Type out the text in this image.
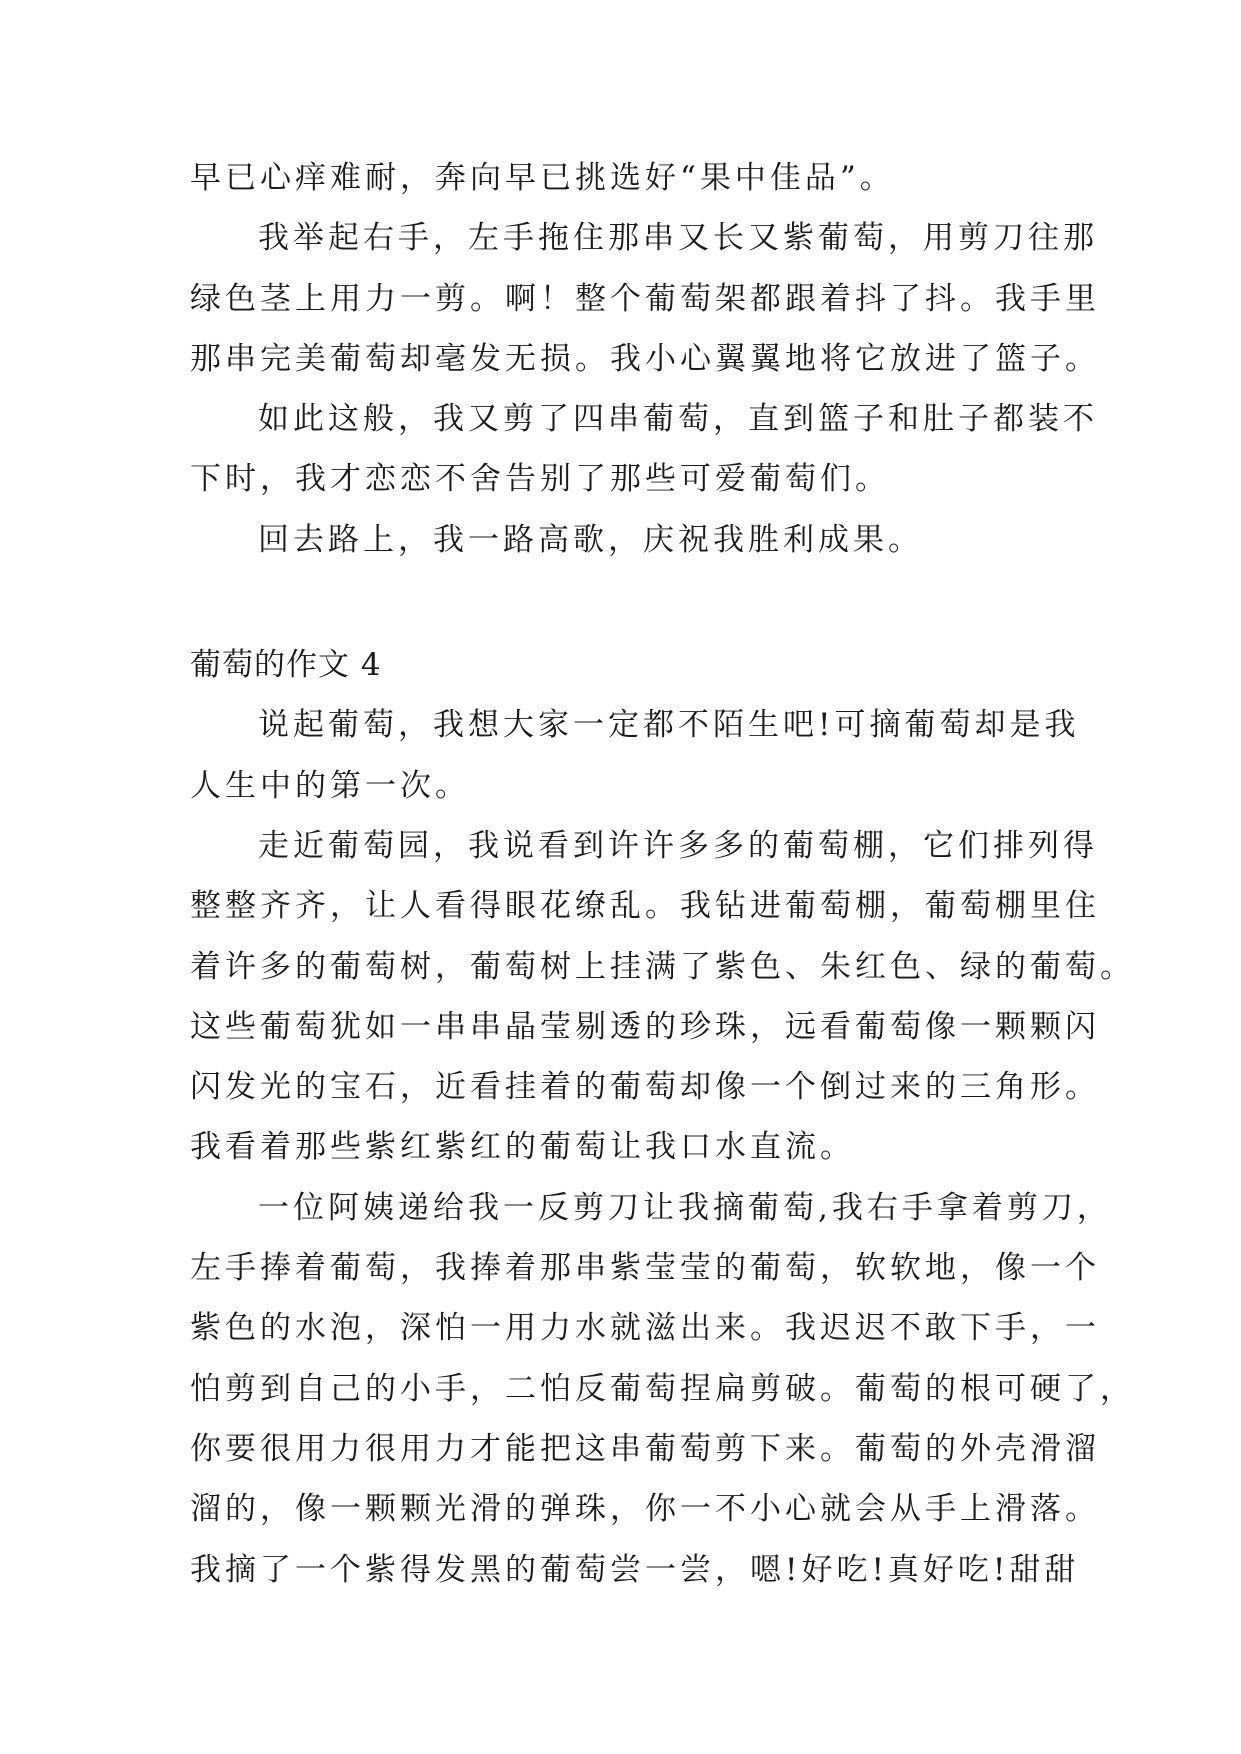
早已心痒难耐，奔向早已挑选好“果中佳品”。
我举起右手，左手拖住那串又长又紫葡萄，用剪刀往那
绿色茎上用力一剪。啊！整个葡萄架都跟着抖了抖。我手里
那串完美葡萄却毫发无损。我小心翼翼地将它放进了篮子。
如此这般，我又剪了四串葡萄，直到篮子和肚子都装不
下时，我才恋恋不舍告别了那些可爱葡萄们。
回去路上，我一路高歌，庆祝我胜利成果。
葡萄的作文 4
说起葡萄，我想大家一定都不陌生吧!可摘葡萄却是我
人生中的第一次。
走近葡萄园，我说看到许许多多的葡萄棚，它们排列得
整整齐齐，让人看得眼花缭乱。我钻进葡萄棚，葡萄棚里住
着许多的葡萄树，葡萄树上挂满了紫色、朱红色、绿的葡萄。
这些葡萄犹如一串串晶莹剔透的珍珠，远看葡萄像一颗颗闪
闪发光的宝石，近看挂着的葡萄却像一个倒过来的三角形。
我看着那些紫红紫红的葡萄让我口水直流。
一位阿姨递给我一反剪刀让我摘葡萄,我右手拿着剪刀，
左手捧着葡萄，我捧着那串紫莹莹的葡萄，软软地，像一个
紫色的水泡，深怕一用力水就滋出来。我迟迟不敢下手，一
怕剪到自己的小手，二怕反葡萄捏扁剪破。葡萄的根可硬了，
你要很用力很用力才能把这串葡萄剪下来。葡萄的外壳滑溜
溜的，像一颗颗光滑的弹珠，你一不小心就会从手上滑落。
我摘了一个紫得发黑的葡萄尝一尝，嗯!好吃!真好吃!甜甜
